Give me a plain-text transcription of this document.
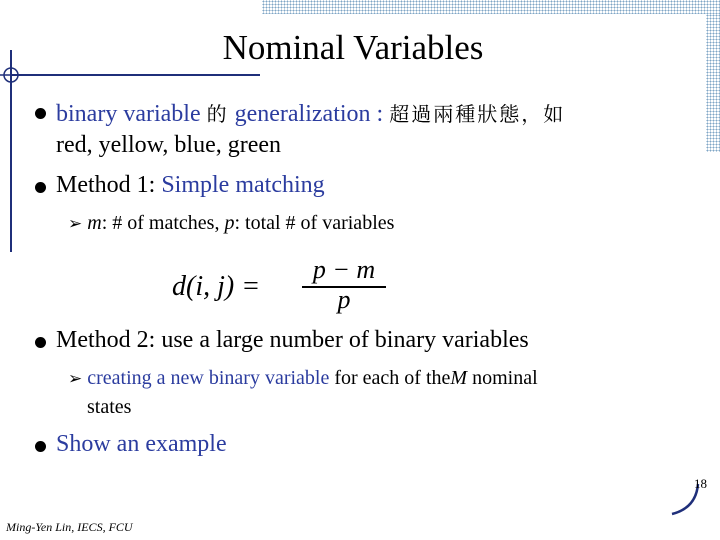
Nominal Variables
binary variable 的 generalization : 超過兩種狀態，如
red, yellow, blue, green
Method 1: Simple matching
➢ m: # of matches, p: total # of variables
d(i, j) =
p − m
p
Method 2: use a large number of binary variables
➢ creating a new binary variable for each of theM nominal
states
Show an example
18
Ming-Yen Lin, IECS, FCU
